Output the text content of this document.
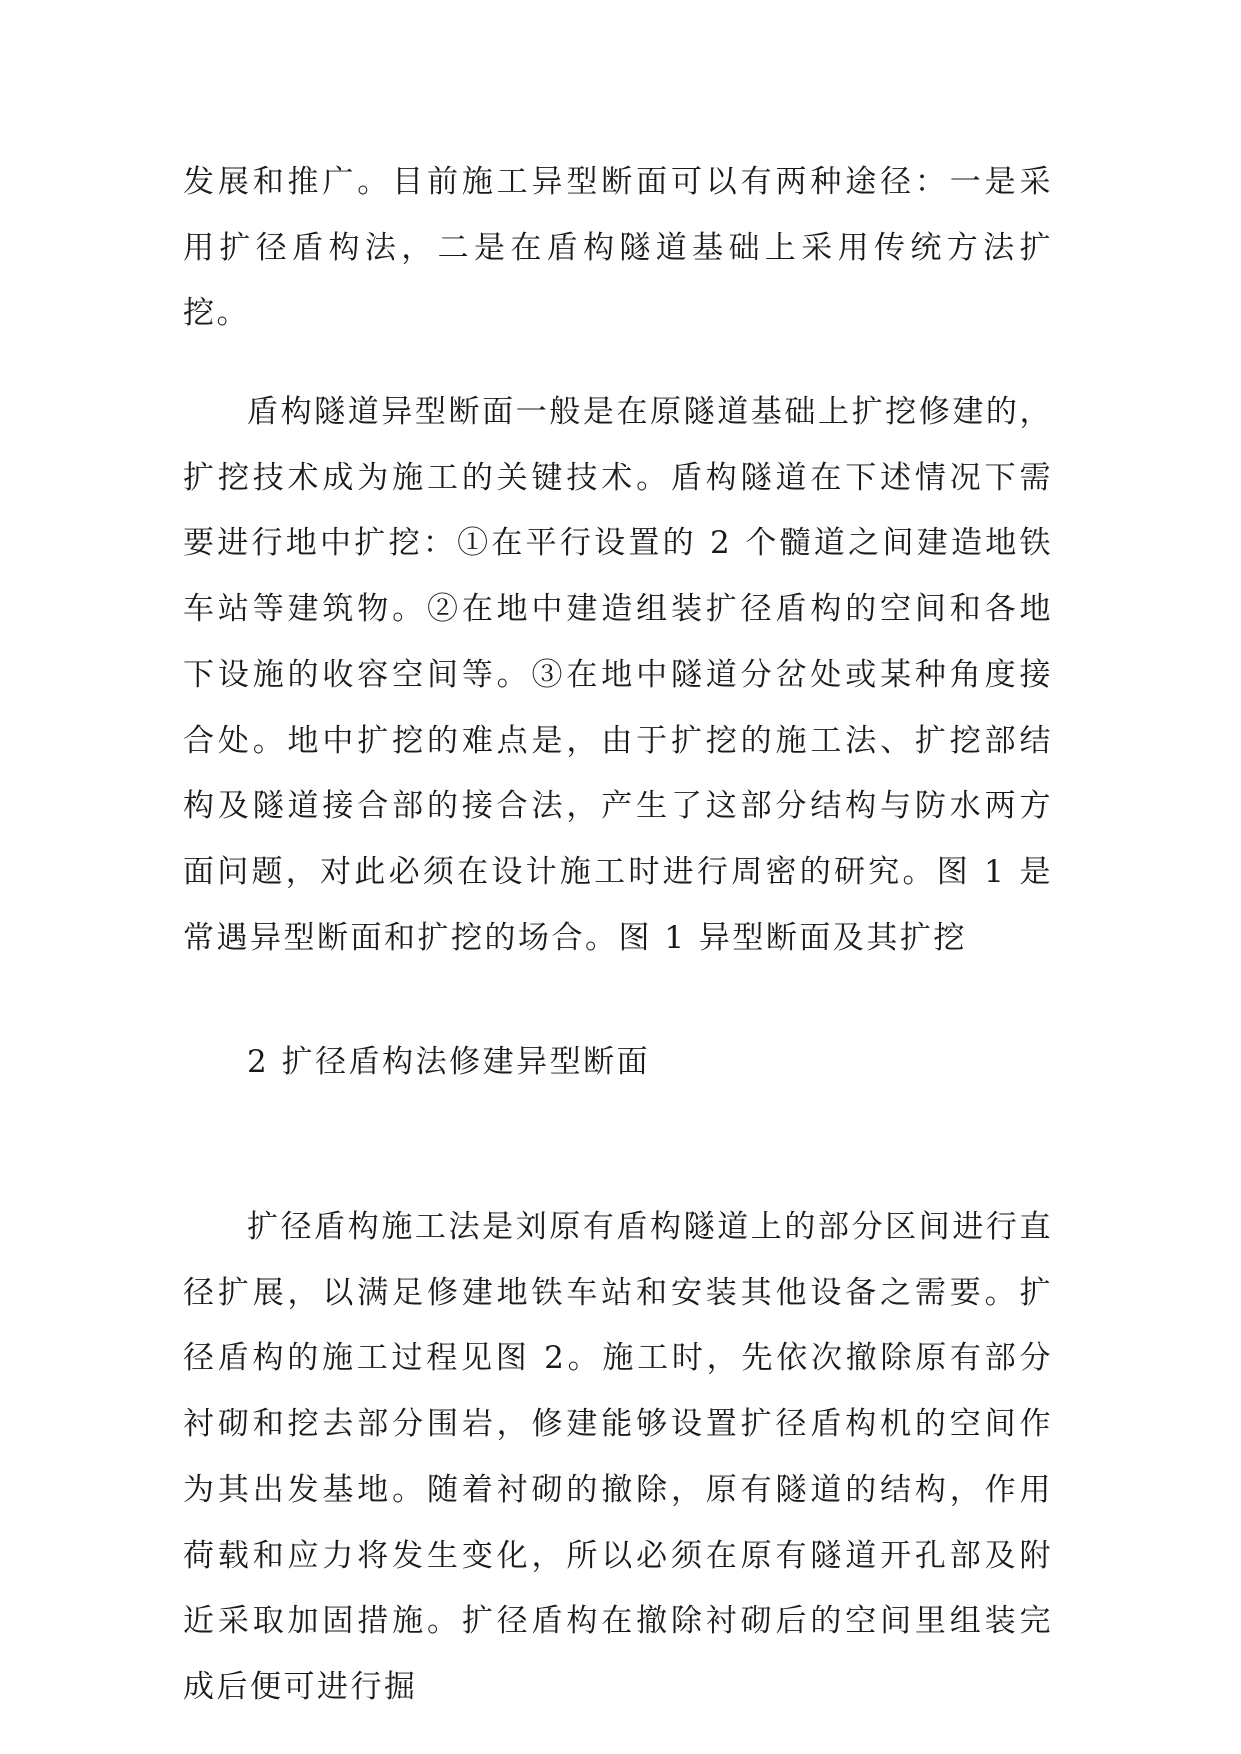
发展和推广。目前施工异型断面可以有两种途径：一是采用扩径盾构法，二是在盾构隧道基础上采用传统方法扩挖。

盾构隧道异型断面一般是在原隧道基础上扩挖修建的，扩挖技术成为施工的关键技术。盾构隧道在下述情况下需要进行地中扩挖：①在平行设置的 2 个髓道之间建造地铁车站等建筑物。②在地中建造组装扩径盾构的空间和各地下设施的收容空间等。③在地中隧道分岔处或某种角度接合处。地中扩挖的难点是，由于扩挖的施工法、扩挖部结构及隧道接合部的接合法，产生了这部分结构与防水两方面问题，对此必须在设计施工时进行周密的研究。图 1 是常遇异型断面和扩挖的场合。图 1 异型断面及其扩挖

2 扩径盾构法修建异型断面

扩径盾构施工法是刘原有盾构隧道上的部分区间进行直径扩展，以满足修建地铁车站和安装其他设备之需要。扩径盾构的施工过程见图 2。施工时，先依次撤除原有部分衬砌和挖去部分围岩，修建能够设置扩径盾构机的空间作为其出发基地。随着衬砌的撤除，原有隧道的结构，作用荷载和应力将发生变化，所以必须在原有隧道开孔部及附近采取加固措施。扩径盾构在撤除衬砌后的空间里组装完成后便可进行掘
